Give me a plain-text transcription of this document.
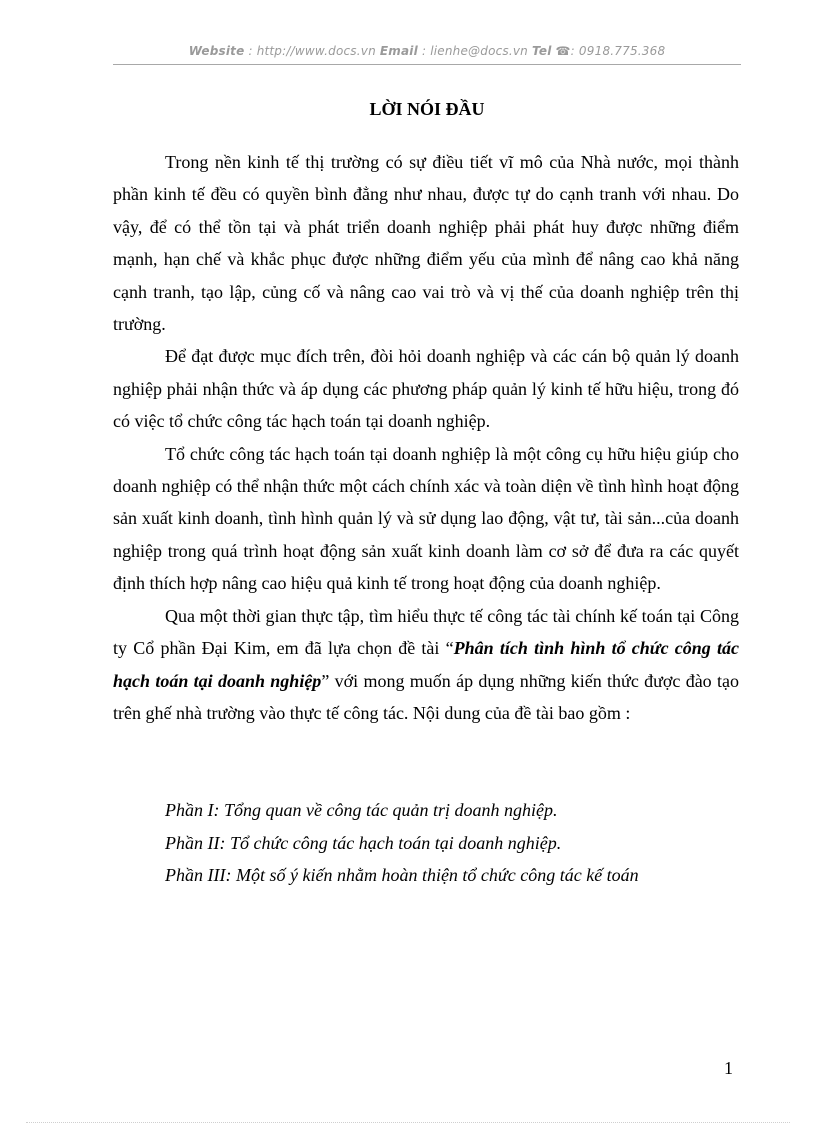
Website : http://www.docs.vn Email : lienhe@docs.vn Tel ☎: 0918.775.368
LỜI NÓI ĐẦU

Trong nền kinh tế thị trường có sự điều tiết vĩ mô của Nhà nước, mọi thành phần kinh tế đều có quyền bình đẳng như nhau, được tự do cạnh tranh với nhau. Do vậy, để có thể tồn tại và phát triển doanh nghiệp phải phát huy được những điểm mạnh, hạn chế và khắc phục được những điểm yếu của mình để nâng cao khả năng cạnh tranh, tạo lập, củng cố và nâng cao vai trò và vị thế của doanh nghiệp trên thị trường.

Để đạt được mục đích trên, đòi hỏi doanh nghiệp và các cán bộ quản lý doanh nghiệp phải nhận thức và áp dụng các phương pháp quản lý kinh tế hữu hiệu, trong đó có việc tổ chức công tác hạch toán tại doanh nghiệp.

Tổ chức công tác hạch toán tại doanh nghiệp là một công cụ hữu hiệu giúp cho doanh nghiệp có thể nhận thức một cách chính xác và toàn diện về tình hình hoạt động sản xuất kinh doanh, tình hình quản lý và sử dụng lao động, vật tư, tài sản...của doanh nghiệp trong quá trình hoạt động sản xuất kinh doanh làm cơ sở để đưa ra các quyết định thích hợp nâng cao hiệu quả kinh tế trong hoạt động của doanh nghiệp.

Qua một thời gian thực tập, tìm hiểu thực tế công tác tài chính kế toán tại Công ty Cổ phần Đại Kim, em đã lựa chọn đề tài “Phân tích tình hình tổ chức công tác hạch toán tại doanh nghiệp” với mong muốn áp dụng những kiến thức được đào tạo trên ghế nhà trường vào thực tế công tác. Nội dung của đề tài bao gồm :

Phần I: Tổng quan về công tác quản trị doanh nghiệp.
Phần II: Tổ chức công tác hạch toán tại doanh nghiệp.
Phần III: Một số ý kiến nhằm hoàn thiện tổ chức công tác kế toán
1
